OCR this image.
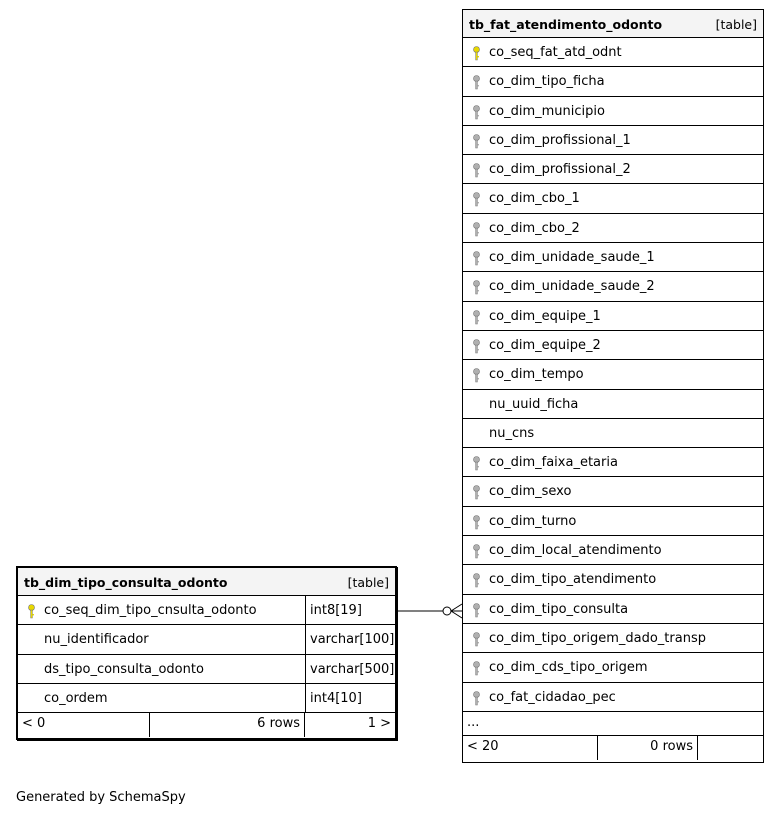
tb_fat_atendimento_odonto	[table]
co_seq_fat_atd_odnt
co_dim_tipo_ficha
co_dim_municipio
co_dim_profissional_1
co_dim_profissional_2
co_dim_cbo_1
co_dim_cbo_2
co_dim_unidade_saude_1
co_dim_unidade_saude_2
co_dim_equipe_1
co_dim_equipe_2
co_dim_tempo
nu_uuid_ficha
nu_cns
co_dim_faixa_etaria
co_dim_sexo
co_dim_turno
co_dim_local_atendimento
co_dim_tipo_atendimento
co_dim_tipo_consulta
co_dim_tipo_origem_dado_transp
co_dim_cds_tipo_origem
co_fat_cidadao_pec
...
< 20	0 rows
tb_dim_tipo_consulta_odonto	[table]
co_seq_dim_tipo_cnsulta_odonto	int8[19]
nu_identificador	varchar[100]
ds_tipo_consulta_odonto	varchar[500]
co_ordem	int4[10]
< 0	6 rows	1 >
Generated by SchemaSpy
